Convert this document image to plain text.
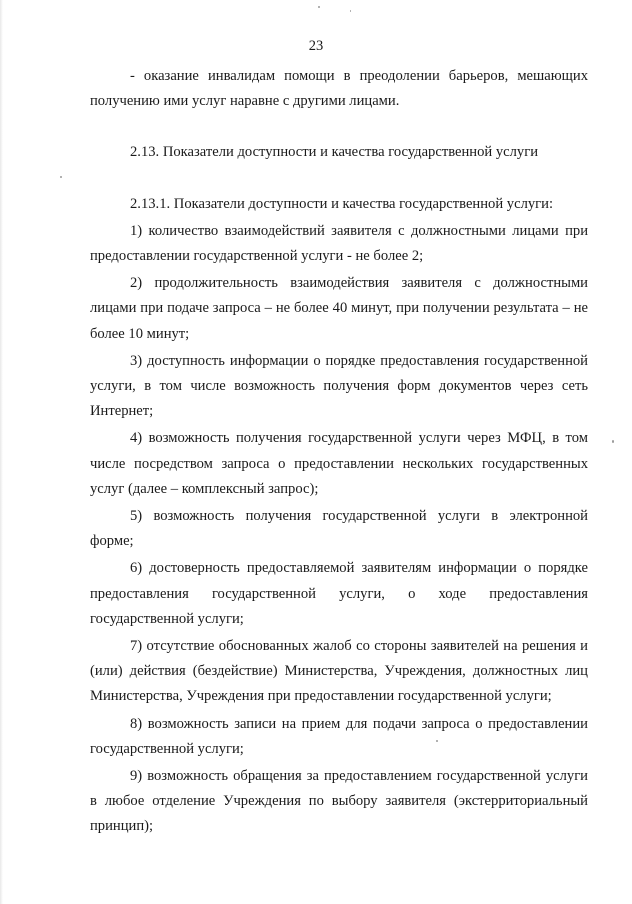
23

- оказание инвалидам помощи в преодолении барьеров, мешающих получению ими услуг наравне с другими лицами.

2.13. Показатели доступности и качества государственной услуги

2.13.1. Показатели доступности и качества государственной услуги:

1) количество взаимодействий заявителя с должностными лицами при предоставлении государственной услуги - не более 2;

2) продолжительность взаимодействия заявителя с должностными лицами при подаче запроса – не более 40 минут, при получении результата – не более 10 минут;

3) доступность информации о порядке предоставления государственной услуги, в том числе возможность получения форм документов через сеть Интернет;

4) возможность получения государственной услуги через МФЦ, в том числе посредством запроса о предоставлении нескольких государственных услуг (далее – комплексный запрос);

5) возможность получения государственной услуги в электронной форме;

6) достоверность предоставляемой заявителям информации о порядке предоставления государственной услуги, о ходе предоставления государственной услуги;

7) отсутствие обоснованных жалоб со стороны заявителей на решения и (или) действия (бездействие) Министерства, Учреждения, должностных лиц Министерства, Учреждения при предоставлении государственной услуги;

8) возможность записи на прием для подачи запроса о предоставлении государственной услуги;

9) возможность обращения за предоставлением государственной услуги в любое отделение Учреждения по выбору заявителя (экстерриториальный принцип);
